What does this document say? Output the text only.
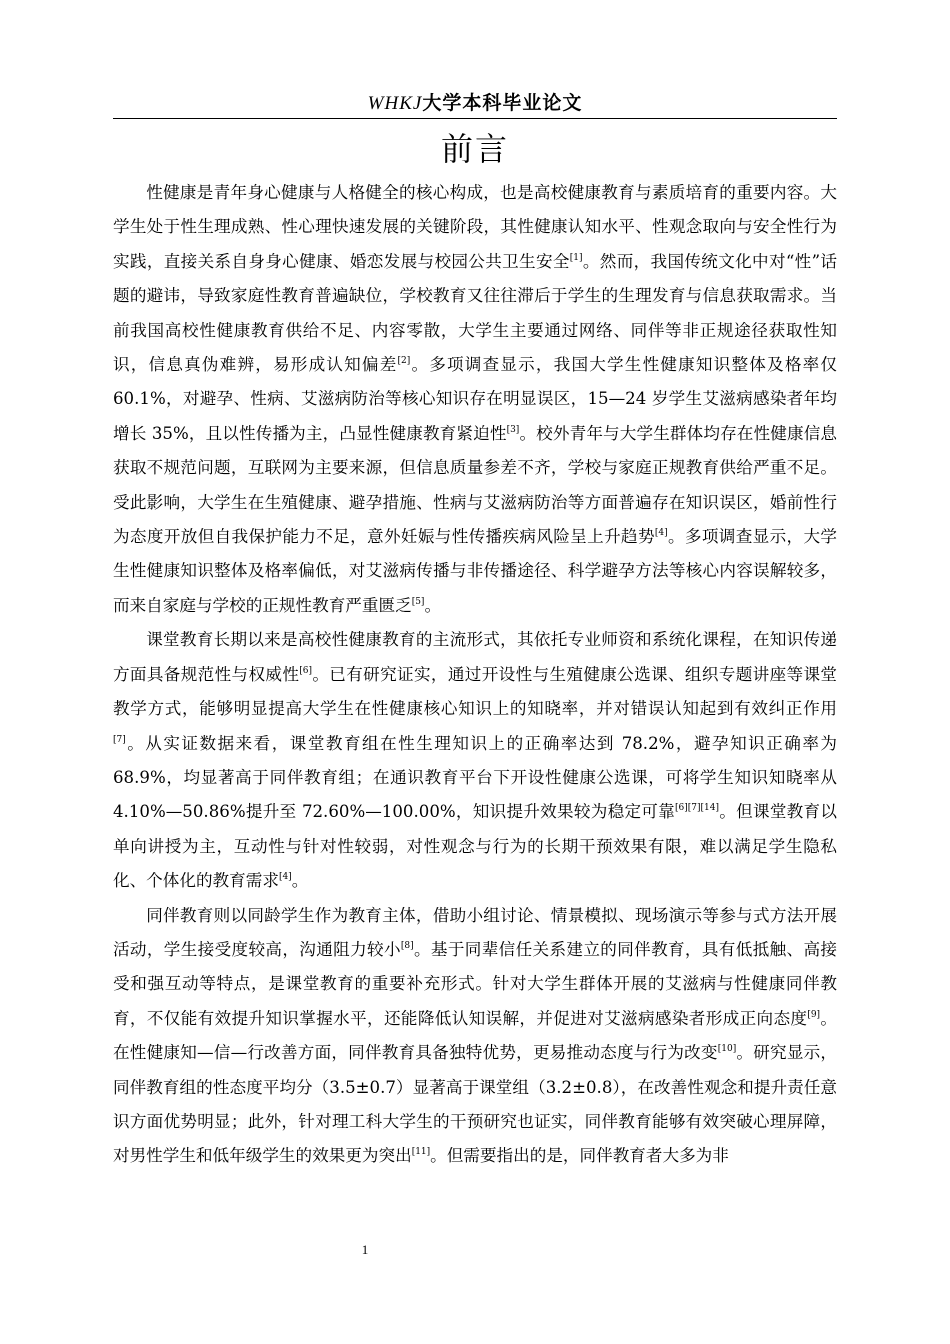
WHKJ大学本科毕业论文
前言

性健康是青年身心健康与人格健全的核心构成，也是高校健康教育与素质培育的重要内容。大学生处于性生理成熟、性心理快速发展的关键阶段，其性健康认知水平、性观念取向与安全性行为实践，直接关系自身身心健康、婚恋发展与校园公共卫生安全[1]。然而，我国传统文化中对“性”话题的避讳，导致家庭性教育普遍缺位，学校教育又往往滞后于学生的生理发育与信息获取需求。当前我国高校性健康教育供给不足、内容零散，大学生主要通过网络、同伴等非正规途径获取性知识，信息真伪难辨，易形成认知偏差[2]。多项调查显示，我国大学生性健康知识整体及格率仅 60.1%，对避孕、性病、艾滋病防治等核心知识存在明显误区，15—24 岁学生艾滋病感染者年均增长 35%，且以性传播为主，凸显性健康教育紧迫性[3]。校外青年与大学生群体均存在性健康信息获取不规范问题，互联网为主要来源，但信息质量参差不齐，学校与家庭正规教育供给严重不足。受此影响，大学生在生殖健康、避孕措施、性病与艾滋病防治等方面普遍存在知识误区，婚前性行为态度开放但自我保护能力不足，意外妊娠与性传播疾病风险呈上升趋势[4]。多项调查显示，大学生性健康知识整体及格率偏低，对艾滋病传播与非传播途径、科学避孕方法等核心内容误解较多，而来自家庭与学校的正规性教育严重匮乏[5]。

课堂教育长期以来是高校性健康教育的主流形式，其依托专业师资和系统化课程，在知识传递方面具备规范性与权威性[6]。已有研究证实，通过开设性与生殖健康公选课、组织专题讲座等课堂教学方式，能够明显提高大学生在性健康核心知识上的知晓率，并对错误认知起到有效纠正作用[7]。从实证数据来看，课堂教育组在性生理知识上的正确率达到 78.2%，避孕知识正确率为 68.9%，均显著高于同伴教育组；在通识教育平台下开设性健康公选课，可将学生知识知晓率从 4.10%—50.86%提升至 72.60%—100.00%，知识提升效果较为稳定可靠[6][7][14]。但课堂教育以单向讲授为主，互动性与针对性较弱，对性观念与行为的长期干预效果有限，难以满足学生隐私化、个体化的教育需求[4]。

同伴教育则以同龄学生作为教育主体，借助小组讨论、情景模拟、现场演示等参与式方法开展活动，学生接受度较高，沟通阻力较小[8]。基于同辈信任关系建立的同伴教育，具有低抵触、高接受和强互动等特点，是课堂教育的重要补充形式。针对大学生群体开展的艾滋病与性健康同伴教育，不仅能有效提升知识掌握水平，还能降低认知误解，并促进对艾滋病感染者形成正向态度[9]。在性健康知—信—行改善方面，同伴教育具备独特优势，更易推动态度与行为改变[10]。研究显示，同伴教育组的性态度平均分（3.5±0.7）显著高于课堂组（3.2±0.8），在改善性观念和提升责任意识方面优势明显；此外，针对理工科大学生的干预研究也证实，同伴教育能够有效突破心理屏障，对男性学生和低年级学生的效果更为突出[11]。但需要指出的是，同伴教育者大多为非

1
